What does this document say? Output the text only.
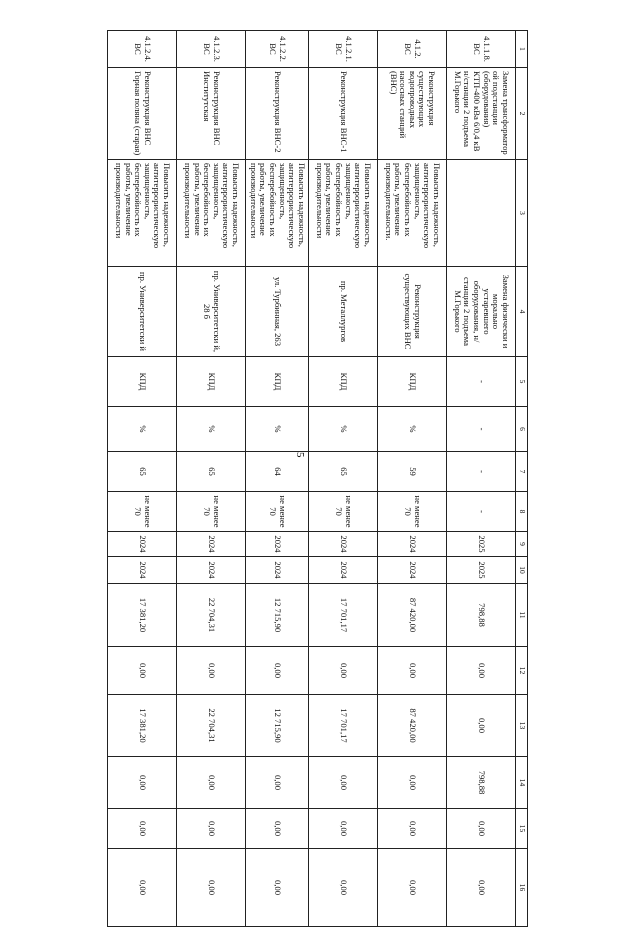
5
1	2	3	4	5	6	7	8	9	10	11	12	13	14	15	16
4.1.1.8. ВС	Замена трансформатор ой подстанции (оборудования) КТП-400 кВа 6/0,4 кВ н/станции 2 подъема М.Горького		Замена физически и морально устаревшего оборудования, н/станции 2 подъема М.Горького	-	-	-	-	2025	2025	798,88	0,00	0,00	798,88	0,00	0,00
4.1.2. ВС	Реконструкция существующих водопроводных насосных станций (ВНС)	Повысить надежность, антитеррористическую защищенность, бесперебойность их работы, увеличение производительности.	Реконструкция существующих ВНС	КПД	%	59	не менее 70	2024	2024	87 420,00	0,00	87 420,00	0,00	0,00	0,00
4.1.2.1. ВС	Реконструкция ВНС-1	Повысить надежность, антитеррористическую защищенность, бесперебойность их работы, увеличение производительности	пр. Металлургов	КПД	%	65	не менее 70	2024	2024	17 701,17	0,00	17 701,17	0,00	0,00	0,00
4.1.2.2. ВС	Реконструкция ВНС-2	Повысить надежность, антитеррористическую защищенность, бесперебойность их работы, увеличение производительности	ул. Турбинная, 263	КПД	%	64	не менее 70	2024	2024	12 715,90	0,00	12 715,90	0,00	0,00	0,00
4.1.2.3. ВС	Реконструкция ВНС Институтская	Повысить надежность, антитеррористическую защищенность, бесперебойность их работы, увеличение производительности	пр. Университетски й, 28 б	КПД	%	65	не менее 70	2024	2024	22 704,31	0,00	22 704,31	0,00	0,00	0,00
4.1.2.4. ВС	Реконструкция ВНС Горная поляна (старая)	Повысить надежность, антитеррористическую защищенность, бесперебойность их работы, увеличение производительности	пр. Университетски й	КПД	%	65	не менее 70	2024	2024	17 381,20	0,00	17 381,20	0,00	0,00	0,00
